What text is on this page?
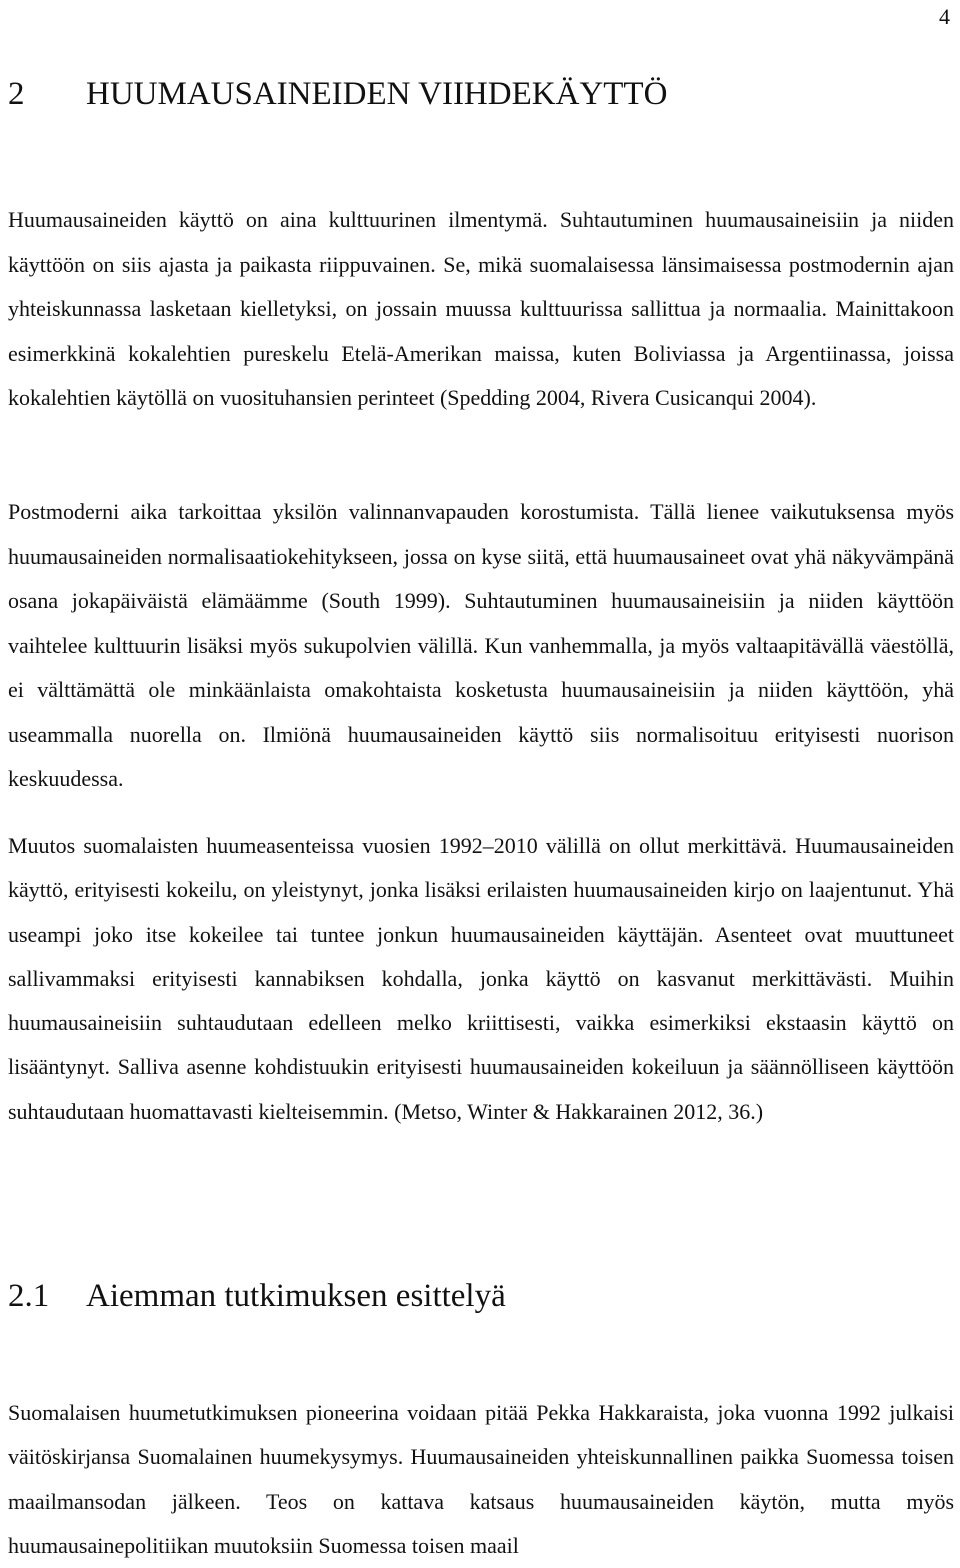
4
2 HUUMAUSAINEIDEN VIIHDEKÄYTTÖ

Huumausaineiden käyttö on aina kulttuurinen ilmentymä. Suhtautuminen huumausaineisiin ja niiden käyttöön on siis ajasta ja paikasta riippuvainen. Se, mikä suomalaisessa länsimaisessa postmodernin ajan yhteiskunnassa lasketaan kielletyksi, on jossain muussa kulttuurissa sallittua ja normaalia. Mainittakoon esimerkkinä kokalehtien pureskelu Etelä-Amerikan maissa, kuten Boliviassa ja Argentiinassa, joissa kokalehtien käytöllä on vuosituhansien perinteet (Spedding 2004, Rivera Cusicanqui 2004).

Postmoderni aika tarkoittaa yksilön valinnanvapauden korostumista. Tällä lienee vaikutuksensa myös huumausaineiden normalisaatiokehitykseen, jossa on kyse siitä, että huumausaineet ovat yhä näkyvämpänä osana jokapäiväistä elämäämme (South 1999). Suhtautuminen huumausaineisiin ja niiden käyttöön vaihtelee kulttuurin lisäksi myös sukupolvien välillä. Kun vanhemmalla, ja myös valtaapitävällä väestöllä, ei välttämättä ole minkäänlaista omakohtaista kosketusta huumausaineisiin ja niiden käyttöön, yhä useammalla nuorella on. Ilmiönä huumausaineiden käyttö siis normalisoituu erityisesti nuorison keskuudessa.

Muutos suomalaisten huumeasenteissa vuosien 1992–2010 välillä on ollut merkittävä. Huumausaineiden käyttö, erityisesti kokeilu, on yleistynyt, jonka lisäksi erilaisten huumausaineiden kirjo on laajentunut. Yhä useampi joko itse kokeilee tai tuntee jonkun huumausaineiden käyttäjän. Asenteet ovat muuttuneet sallivammaksi erityisesti kannabiksen kohdalla, jonka käyttö on kasvanut merkittävästi. Muihin huumausaineisiin suhtaudutaan edelleen melko kriittisesti, vaikka esimerkiksi ekstaasin käyttö on lisääntynyt. Salliva asenne kohdistuukin erityisesti huumausaineiden kokeiluun ja säännölliseen käyttöön suhtaudutaan huomattavasti kielteisemmin. (Metso, Winter & Hakkarainen 2012, 36.)

2.1 Aiemman tutkimuksen esittelyä

Suomalaisen huumetutkimuksen pioneerina voidaan pitää Pekka Hakkaraista, joka vuonna 1992 julkaisi väitöskirjansa Suomalainen huumekysymys. Huumausaineiden yhteiskunnallinen paikka Suomessa toisen maailmansodan jälkeen. Teos on kattava katsaus huumausaineiden käytön, mutta myös huumausainepolitiikan muutoksiin Suomessa toisen maail
